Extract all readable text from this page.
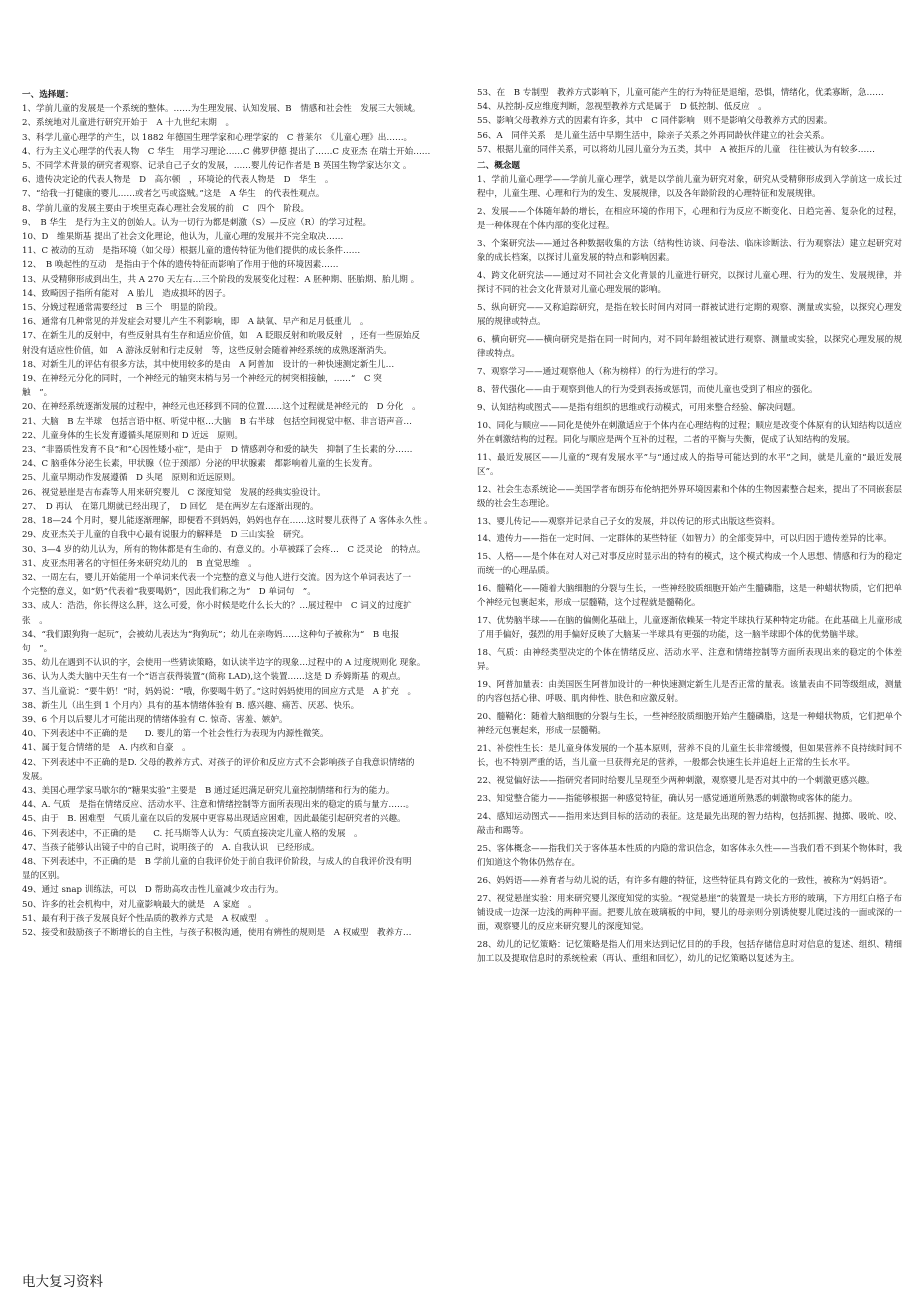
一、选择题：
1、学前儿童的发展是一个系统的整体。……为生理发展、认知发展、B　情感和社会性　发展三大领域。
2、系统地对儿童进行研究开始于　A 十九世纪末期　。
3、科学儿童心理学的产生，以 1882 年德国生理学家和心理学家的　C 普莱尔　《儿童心理》出……。
4、行为主义心理学的代表人物　C 华生　用学习理论……C 佛罗伊德 提出了……C 皮亚杰 在瑞士开始……
5、不同学术背景的研究者观察、记录自己子女的发展，……婴儿传记作者是 B 英国生物学家达尔文 。
6、遗传决定论的代表人物是　D　高尔顿　，环境论的代表人物是　D　华生　。
7、“给我一打健康的婴儿……或者乞丐或盗贼。”这是　A 华生　的代表性观点。
8、学前儿童的发展主要由于埃里克森心理社会发展的前　C　四个　阶段。
9、　B 华生　是行为主义的创始人。认为一切行为都是刺激（S）—反应（R）的学习过程。
10、D　维果斯基 提出了社会文化理论，他认为，儿童心理的发展并不完全取决……
11、C 被动的互动　是指环境（如父母）根据儿童的遗传特征为他们提供的成长条件……
12、　B 唤起性的互动　是指由于个体的遗传特征而影响了作用于他的环境因素……
13、从受精卵形成到出生，共 A 270 天左右…三个阶段的发展变化过程：A 胚种期、胚胎期、胎儿期 。
14、致畸因子指所有能对　A 胎儿　造成损坏的因子。
15、分娩过程通常需要经过　B 三个　明显的阶段。
16、通常有几种常见的并发症会对婴儿产生不利影响，即　A 缺氧、早产和足月低重儿　。
17、在新生儿的反射中，有些反射具有生存和适应价值，如　A 眨眼反射和吮吸反射　，还有一些原始反
射没有适应性价值，如　A 游泳反射和行走反射　等，这些反射会随着神经系统的成熟逐渐消失。
18、对新生儿的评估有很多方法，其中使用较多的是由　A 阿普加　设计的一种快速测定新生儿…
19、在神经元分化的同时，一个神经元的轴突末梢与另一个神经元的树突相接触，……“　C 突
触　”。
20、在神经系统逐渐发展的过程中，神经元也还移到不同的位置……这个过程就是神经元的　D 分化　。
21、大脑　B 左半球　包括言语中枢、听觉中枢…大脑　B 右半球　包括空间视觉中枢、非言语声音…
22、儿童身体的生长发育遵循头尾原则和 D 近远　原则。
23、“非器质性发育不良”和“心因性矮小症”，是由于　D 情感剥夺和爱的缺失　抑制了生长素的分……
24、C 脑垂体分泌生长素，甲状腺（位于颈部）分泌的甲状腺素　都影响着儿童的生长发育。
25、儿童早期动作发展遵循　D 头尾　原则和近远原则。
26、视觉悬崖是吉布森等人用来研究婴儿　C 深度知觉　发展的经典实验设计。
27、　D 再认　在第几期就已经出现了，　D 回忆　是在两岁左右逐渐出现的。
28、18—24 个月时，婴儿能逐渐理解，即便看不到妈妈，妈妈也存在……这时婴儿获得了 A 客体永久性 。
29、皮亚杰关于儿童的自我中心最有说服力的解释是　D 三山实验　研究。
30、3—4 岁的幼儿认为，所有的物体都是有生命的、有意义的。小草被踩了会疼…　C 泛灵论　的特点。
31、皮亚杰用著名的守恒任务来研究幼儿的　B 直觉思维　。
32、一周左右，婴儿开始能用一个单词来代表一个完整的意义与他人进行交流。因为这个单词表达了一
个完整的意义，如“奶”代表着“我要喝奶”，因此我们称之为“　D 单词句　”。
33、成人：浩浩，你长得这么胖，这么可爱，你小时候是吃什么长大的？…展过程中　C 词义的过度扩
张　。
34、“我们跟狗狗一起玩”，会被幼儿表达为“狗狗玩”；幼儿在亲吻妈……这种句子被称为“　B 电报
句　”。
35、幼儿在遇到不认识的字，会使用一些猜读策略，如认读半边字的现象…过程中的 A 过度规则化 现象。
36、认为人类大脑中天生有一个“语言获得装置”(简称 LAD),这个装置……这是 D 乔姆斯基 的观点。
37、当儿童说：“要牛奶！”时，妈妈说：“哦，你要喝牛奶了。”这时妈妈使用的回应方式是　A 扩充　。
38、新生儿（出生到 1 个月内）具有的基本情绪体验有 B. 感兴趣、痛苦、厌恶、快乐。
39、6 个月以后婴儿才可能出现的情绪体验有 C. 惊奇、害羞、嫉妒。
40、下列表述中不正确的是　　D. 婴儿的第一个社会性行为表现为内源性微笑。
41、属于复合情绪的是　A. 内疚和自豪　。
42、下列表述中不正确的是D. 父母的教养方式、对孩子的评价和反应方式不会影响孩子自我意识情绪的
发展。
43、美国心理学家马歇尔的“糖果实验”主要是　B 通过延迟满足研究儿童控制情绪和行为的能力。
44、A. 气质　是指在情绪反应、活动水平、注意和情绪控制等方面所表现出来的稳定的质与量方……。
45、由于　B. 困难型　气质儿童在以后的发展中更容易出现适应困难，因此最能引起研究者的兴趣。
46、下列表述中，不正确的是　　C. 托马斯等人认为：气质直接决定儿童人格的发展　。
47、当孩子能够认出镜子中的自己时，说明孩子的　A. 自我认识　已经形成。
48、下列表述中，不正确的是　B 学前儿童的自我评价处于前自我评价阶段，与成人的自我评价没有明
显的区别。
49、通过 snap 训练法，可以　D 帮助高攻击性儿童减少攻击行为。
50、许多的社会机构中，对儿童影响最大的就是　A 家庭　。
51、最有利于孩子发展良好个性品质的教养方式是　A 权威型　。
52、接受和鼓励孩子不断增长的自主性，与孩子积极沟通，使用有辨性的规则是　A 权威型　教养方…
53、在　B 专制型　教养方式影响下，儿童可能产生的行为特征是退缩，恐惧，情绪化，优柔寡断，急……
54、从控制-反应维度判断，忽视型教养方式是属于　D 低控制、低反应　。
55、影响父母教养方式的因素有许多，其中　C 同伴影响　则不是影响父母教养方式的因素。
56、A　同伴关系　是儿童生活中早期生活中，除亲子关系之外再同龄伙伴建立的社会关系。
57、根据儿童的同伴关系，可以将幼儿园儿童分为五类，其中　A 被拒斥的儿童　往往被认为有较多……
二、概念题
1、学前儿童心理学——学前儿童心理学，就是以学前儿童为研究对象，研究从受精卵形成到入学前这一成长过程中，儿童生理、心理和行为的发生、发展规律，以及各年龄阶段的心理特征和发展规律。
2、发展——个体随年龄的增长，在相应环境的作用下，心理和行为反应不断变化、日趋完善、复杂化的过程，是一种体现在个体内部的变化过程。
3、个案研究法——通过各种数据收集的方法（结构性访谈、问卷法、临床诊断法、行为观察法）建立起研究对象的成长档案，以探讨儿童发展的特点和影响因素。
4、跨文化研究法——通过对不同社会文化背景的儿童进行研究，以探讨儿童心理、行为的发生、发展规律，并探讨不同的社会文化背景对儿童心理发展的影响。
5、纵向研究——又称追踪研究，是指在较长时间内对同一群被试进行定期的观察、测量或实验，以探究心理发展的规律或特点。
6、横向研究——横向研究是指在同一时间内，对不同年龄组被试进行观察、测量或实验，以探究心理发展的规律或特点。
7、观察学习——通过观察他人（称为榜样）的行为进行的学习。
8、替代强化——由于观察到他人的行为受到表扬或惩罚，而使儿童也受到了相应的强化。
9、认知结构或图式——是指有组织的思维或行动模式，可用来整合经验、解决问题。
10、同化与顺应——同化是使外在刺激适应于个体内在心理结构的过程；顺应是改变个体原有的认知结构以适应外在刺激结构的过程。同化与顺应是两个互补的过程，二者的平衡与失衡，促成了认知结构的发展。
11、最近发展区——儿童的“现有发展水平”与“通过成人的指导可能达到的水平”之间，就是儿童的“最近发展区”。
12、社会生态系统论——美国学者布朗芬布伦纳把外界环境因素和个体的生物因素整合起来，提出了不同嵌套层级的社会生态理论。
13、婴儿传记——观察并记录自己子女的发展，并以传记的形式出版这些资料。
14、遗传力——指在一定时间、一定群体的某些特征（如智力）的全部变异中，可以归因于遗传差异的比率。
15、人格——是个体在对人对己对事反应时显示出的特有的模式，这个模式构成一个人思想、情感和行为的稳定而统一的心理品质。
16、髓鞘化——随着大脑细胞的分裂与生长，一些神经胶质细胞开始产生髓磷脂，这是一种蜡状物质，它们把单个神经元包裹起来，形成一层髓鞘，这个过程就是髓鞘化。
17、优势脑半球——在脑的偏侧化基础上，儿童逐渐依赖某一特定半球执行某种特定功能。在此基础上儿童形成了用手偏好，强烈的用手偏好反映了大脑某一半球具有更强的功能，这一脑半球即个体的优势脑半球。
18、气质：由神经类型决定的个体在情绪反应、活动水平、注意和情绪控制等方面所表现出来的稳定的个体差异。
19、阿普加量表：由美国医生阿普加设计的一种快速测定新生儿是否正常的量表。该量表由不同等级组成，测量的内容包括心律、呼吸、肌肉伸性、肤色和应激反射。
20、髓鞘化：随着大脑细胞的分裂与生长，一些神经胶质细胞开始产生髓磷脂，这是一种蜡状物质，它们把单个神经元包裹起来，形成一层髓鞘。
21、补偿性生长：是儿童身体发展的一个基本原则，营养不良的儿童生长非常缓慢，但如果营养不良持续时间不长，也不特别严重的话，当儿童一旦获得充足的营养，一般都会快速生长并追赶上正常的生长水平。
22、视觉偏好法——指研究者同时给婴儿呈现至少两种刺激，观察婴儿是否对其中的一个刺激更感兴趣。
23、知觉整合能力——指能够根据一种感觉特征，确认另一感觉通道所熟悉的刺激物或客体的能力。
24、感知运动图式——指用来达到目标的活动的表征。这是最先出现的智力结构，包括抓握、抛掷、吸吮、咬、敲击和踢等。
25、客体概念——指我们关于客体基本性质的内隐的常识信念，如客体永久性——当我们看不到某个物体时，我们知道这个物体仍然存在。
26、妈妈语——养育者与幼儿说的话，有许多有趣的特征，这些特征具有跨文化的一致性，被称为“妈妈语”。
27、视觉悬崖实验：用来研究婴儿深度知觉的实验。“视觉悬崖”的装置是一块长方形的玻璃，下方用红白格子布铺设成一边深一边浅的两种平面。把婴儿放在玻璃板的中间，婴儿的母亲则分别诱使婴儿爬过浅的一面或深的一面，观察婴儿的反应来研究婴儿的深度知觉。
28、幼儿的记忆策略：记忆策略是指人们用来达到记忆目的的手段，包括存储信息时对信息的复述、组织、精细加工以及提取信息时的系统检索（再认、重组和回忆），幼儿的记忆策略以复述为主。
电大复习资料
